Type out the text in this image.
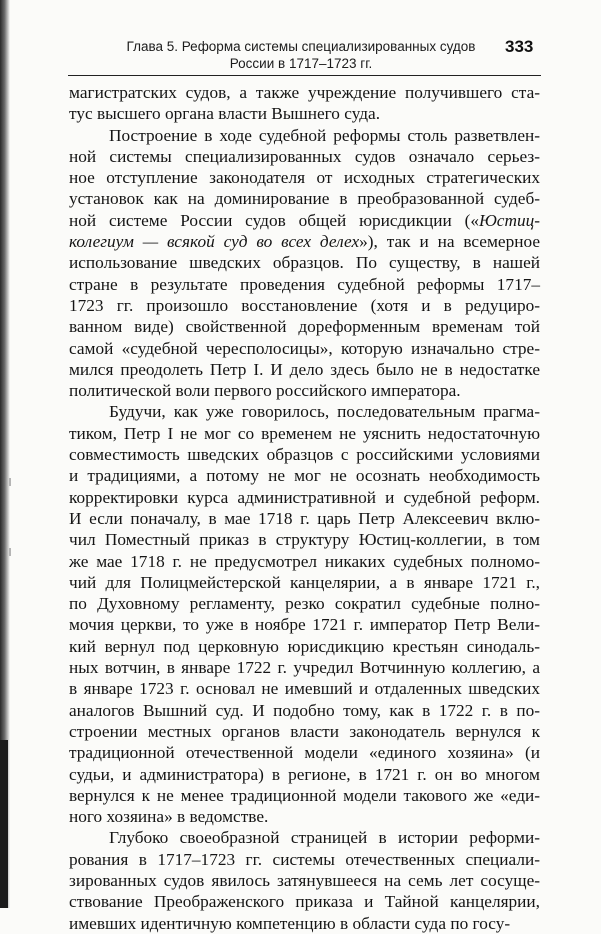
Глава 5. Реформа системы специализированных судов
России в 1717–1723 гг.
333
магистратских судов, а также учреждение получившего ста-
тус высшего органа власти Вышнего суда.
Построение в ходе судебной реформы столь разветвлен-
ной системы специализированных судов означало серьез-
ное отступление законодателя от исходных стратегических
установок как на доминирование в преобразованной судеб-
ной системе России судов общей юрисдикции («Юстиц-
колегиум — всякой суд во всех делех»), так и на всемерное
использование шведских образцов. По существу, в нашей
стране в результате проведения судебной реформы 1717–
1723 гг. произошло восстановление (хотя и в редуциро-
ванном виде) свойственной дореформенным временам той
самой «судебной чересполосицы», которую изначально стре-
мился преодолеть Петр I. И дело здесь было не в недостатке
политической воли первого российского императора.
Будучи, как уже говорилось, последовательным прагма-
тиком, Петр I не мог со временем не уяснить недостаточную
совместимость шведских образцов с российскими условиями
и традициями, а потому не мог не осознать необходимость
корректировки курса административной и судебной реформ.
И если поначалу, в мае 1718 г. царь Петр Алексеевич вклю-
чил Поместный приказ в структуру Юстиц-коллегии, в том
же мае 1718 г. не предусмотрел никаких судебных полномо-
чий для Полицмейстерской канцелярии, а в январе 1721 г.,
по Духовному регламенту, резко сократил судебные полно-
мочия церкви, то уже в ноябре 1721 г. император Петр Вели-
кий вернул под церковную юрисдикцию крестьян синодаль-
ных вотчин, в январе 1722 г. учредил Вотчинную коллегию, а
в январе 1723 г. основал не имевший и отдаленных шведских
аналогов Вышний суд. И подобно тому, как в 1722 г. в по-
строении местных органов власти законодатель вернулся к
традиционной отечественной модели «единого хозяина» (и
судьи, и администратора) в регионе, в 1721 г. он во многом
вернулся к не менее традиционной модели такового же «еди-
ного хозяина» в ведомстве.
Глубоко своеобразной страницей в истории реформи-
рования в 1717–1723 гг. системы отечественных специали-
зированных судов явилось затянувшееся на семь лет сосуще-
ствование Преображенского приказа и Тайной канцелярии,
имевших идентичную компетенцию в области суда по госу-
